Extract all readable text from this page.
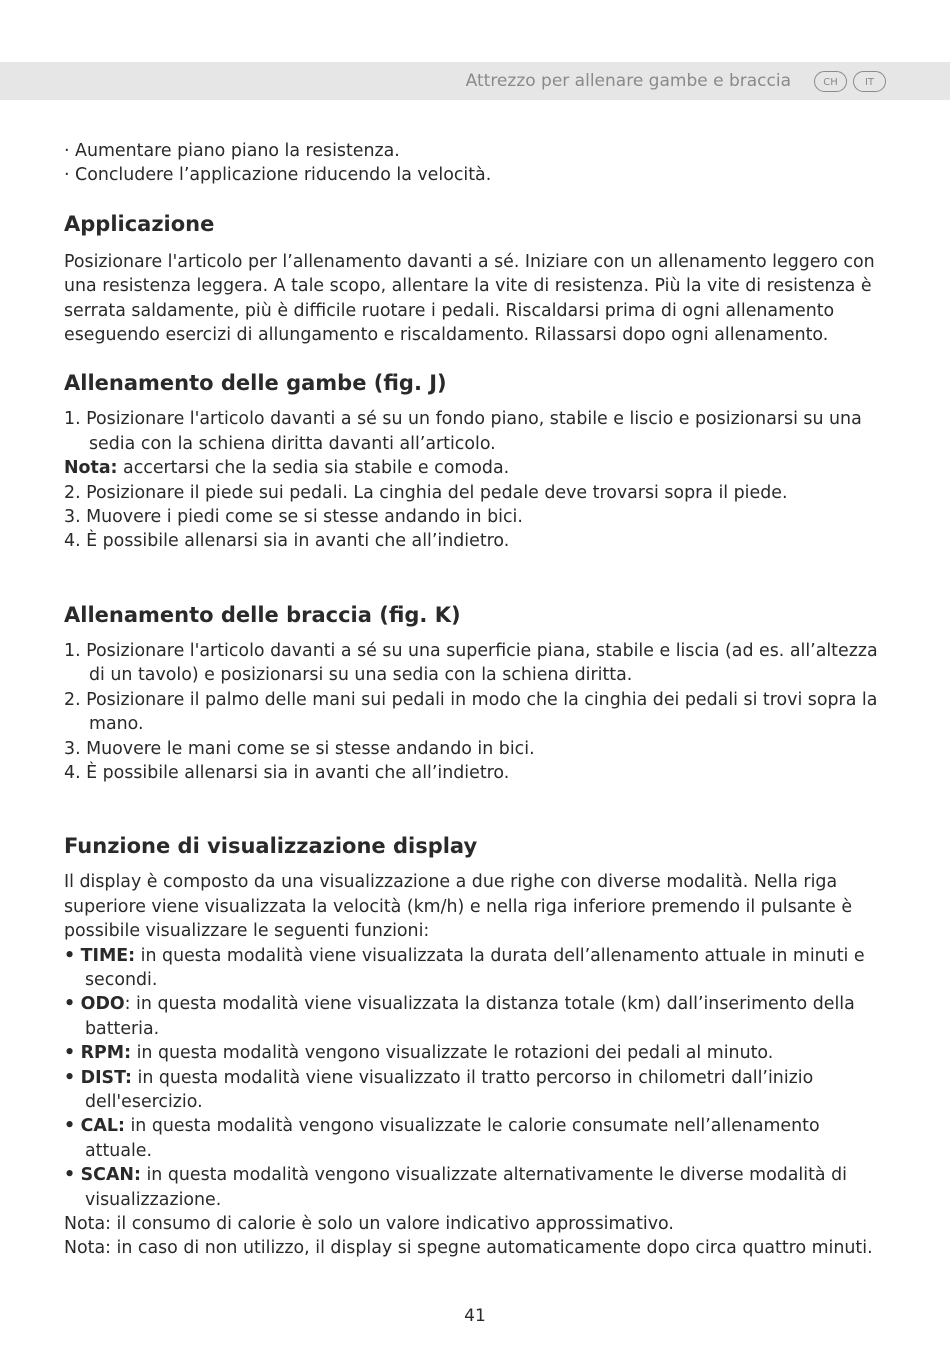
Attrezzo per allenare gambe e braccia	CH	IT

· Aumentare piano piano la resistenza.

· Concludere l’applicazione riducendo la velocità.

Applicazione

Posizionare l'articolo per l’allenamento davanti a sé. Iniziare con un allenamento leggero con una resistenza leggera. A tale scopo, allentare la vite di resistenza. Più la vite di resistenza è serrata saldamente, più è difficile ruotare i pedali. Riscaldarsi prima di ogni allenamento eseguendo esercizi di allungamento e riscaldamento. Rilassarsi dopo ogni allenamento.

Allenamento delle gambe (fig. J)

1. Posizionare l'articolo davanti a sé su un fondo piano, stabile e liscio e posizionarsi su una sedia con la schiena diritta davanti all’articolo.

Nota: accertarsi che la sedia sia stabile e comoda.

2. Posizionare il piede sui pedali. La cinghia del pedale deve trovarsi sopra il piede.

3. Muovere i piedi come se si stesse andando in bici.

4. È possibile allenarsi sia in avanti che all’indietro.

Allenamento delle braccia (fig. K)

1. Posizionare l'articolo davanti a sé su una superficie piana, stabile e liscia (ad es. all’altezza di un tavolo) e posizionarsi su una sedia con la schiena diritta.

2. Posizionare il palmo delle mani sui pedali in modo che la cinghia dei pedali si trovi sopra la mano.

3. Muovere le mani come se si stesse andando in bici.

4. È possibile allenarsi sia in avanti che all’indietro.

Funzione di visualizzazione display

Il display è composto da una visualizzazione a due righe con diverse modalità. Nella riga superiore viene visualizzata la velocità (km/h) e nella riga inferiore premendo il pulsante è possibile visualizzare le seguenti funzioni:

• TIME: in questa modalità viene visualizzata la durata dell’allenamento attuale in minuti e secondi.

• ODO: in questa modalità viene visualizzata la distanza totale (km) dall’inserimento della batteria.

• RPM: in questa modalità vengono visualizzate le rotazioni dei pedali al minuto.

• DIST: in questa modalità viene visualizzato il tratto percorso in chilometri dall’inizio dell'esercizio.

• CAL: in questa modalità vengono visualizzate le calorie consumate nell’allenamento attuale.

• SCAN: in questa modalità vengono visualizzate alternativamente le diverse modalità di visualizzazione.

Nota: il consumo di calorie è solo un valore indicativo approssimativo.

Nota: in caso di non utilizzo, il display si spegne automaticamente dopo circa quattro minuti.

41
